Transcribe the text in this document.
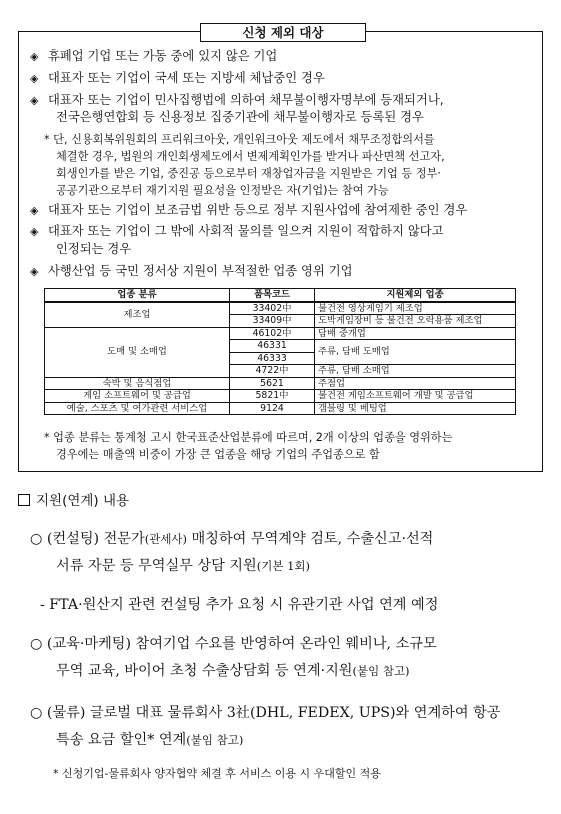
신청 제외 대상
◈ 휴폐업 기업 또는 가동 중에 있지 않은 기업
◈ 대표자 또는 기업이 국세 또는 지방세 체납중인 경우
◈ 대표자 또는 기업이 민사집행법에 의하여 채무불이행자명부에 등재되거나,
전국은행연합회 등 신용정보 집중기관에 채무불이행자로 등록된 경우
* 단, 신용회복위원회의 프리워크아웃, 개인워크아웃 제도에서 채무조정합의서를
체결한 경우, 법원의 개인회생제도에서 변제계획인가를 받거나 파산면책 선고자,
회생인가를 받은 기업, 중진공 등으로부터 재창업자금을 지원받은 기업 등 정부·
공공기관으로부터 재기지원 필요성을 인정받은 자(기업)는 참여 가능
◈ 대표자 또는 기업이 보조금법 위반 등으로 정부 지원사업에 참여제한 중인 경우
◈ 대표자 또는 기업이 그 밖에 사회적 물의를 일으켜 지원이 적합하지 않다고
인정되는 경우
◈ 사행산업 등 국민 정서상 지원이 부적절한 업종 영위 기업
업종 분류	품목코드	지원제외 업종
제조업	33402中	불건전 영상게임기 제조업
	33409中	도박게임장비 등 불건전 오락용품 제조업
도매 및 소매업	46102中	담배 중개업
	46331	주류, 담배 도매업
	46333	
	4722中	주류, 담배 소매업
숙박 및 음식점업	5621	주점업
게임 소프트웨어 및 공급업	5821中	불건전 게임소프트웨어 개발 및 공급업
예술, 스포츠 및 여가관련 서비스업	9124	갬블링 및 베팅업
* 업종 분류는 통계청 고시 한국표준산업분류에 따르며, 2개 이상의 업종을 영위하는
경우에는 매출액 비중이 가장 큰 업종을 해당 기업의 주업종으로 함
지원(연계) 내용
○ (컨설팅) 전문가(관세사) 매칭하여 무역계약 검토, 수출신고·선적
서류 자문 등 무역실무 상담 지원(기본 1회)
- FTA·원산지 관련 컨설팅 추가 요청 시 유관기관 사업 연계 예정
○ (교육·마케팅) 참여기업 수요를 반영하여 온라인 웨비나, 소규모
무역 교육, 바이어 초청 수출상담회 등 연계·지원(붙임 참고)
○ (물류) 글로벌 대표 물류회사 3社(DHL, FEDEX, UPS)와 연계하여 항공
특송 요금 할인* 연계(붙임 참고)
* 신청기업-물류회사 양자협약 체결 후 서비스 이용 시 우대할인 적용
